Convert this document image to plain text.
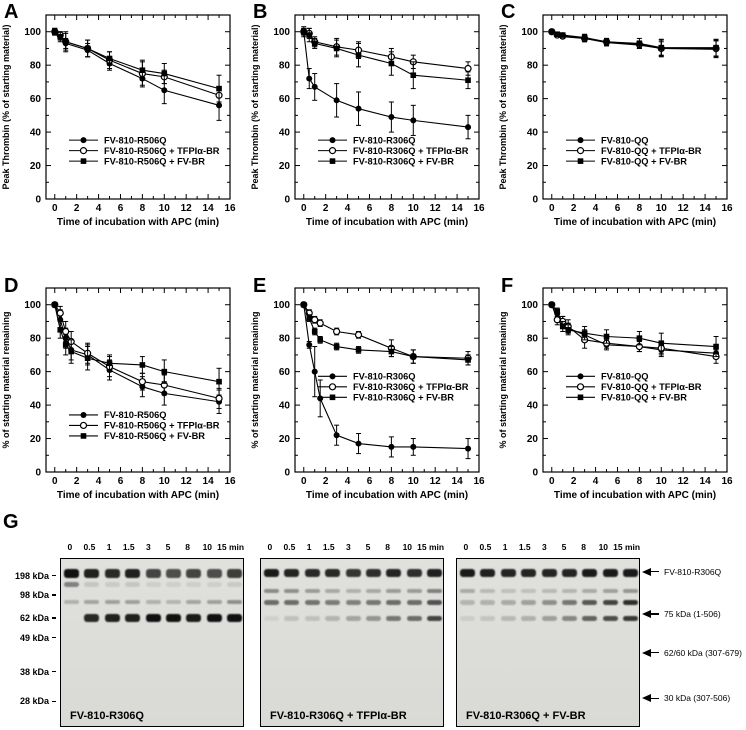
0 2 4 6 8 10 12 14 16
0
20
40
60
80
100
Time of incubation with APC (min)
Peak Thrombin (% of starting material)	FV-810-R506Q
FV-810-R506Q + TFPIα-BR
FV-810-R506Q + FV-BR
A
0 2 4 6 8 10 12 14 16
0
20
40
60
80
100
Time of incubation with APC (min)
Peak Thrombin (% of starting material)	FV-810-R306Q
FV-810-R306Q + TFPIα-BR
FV-810-R306Q + FV-BR
B
0 2 4 6 8 10 12 14 16
0
20
40
60
80
100
Time of incubation with APC (min)
Peak Thrombin (% of starting material)	FV-810-QQ
FV-810-QQ + TFPIα-BR
FV-810-QQ + FV-BR
C
0 2 4 6 8 10 12 14 16
0
20
40
60
80
100
Time of incubation with APC (min)
% of starting material remaining	FV-810-R506Q
FV-810-R506Q + TFPIα-BR
FV-810-R506Q + FV-BR
D
0 2 4 6 8 10 12 14 16
0
20
40
60
80
100
Time of incubation with APC (min)
% of starting material remaining	FV-810-R306Q
FV-810-R306Q + TFPIα-BR
FV-810-R306Q + FV-BR
E
0 2 4 6 8 10 12 14 16
0
20
40
60
80
100
Time of incubation with APC (min)
% of starting material remaining	FV-810-QQ
FV-810-QQ + TFPIα-BR
FV-810-QQ + FV-BR
F
G
198 kDa
98 kDa
62 kDa
49 kDa
38 kDa
28 kDa
0	0.5	1	1.5	3	5	8	10 15 min	0	0.5	1	1.5	3	5	8	10 15 min	0	0.5	1	1.5	3	5	8	10 15 min
FV-810-R306Q	FV-810-R306Q + TFPIα-BR	FV-810-R306Q + FV-BR
FV-810-R306Q
75 kDa (1-506)
62/60 kDa (307-679)
30 kDa (307-506)
